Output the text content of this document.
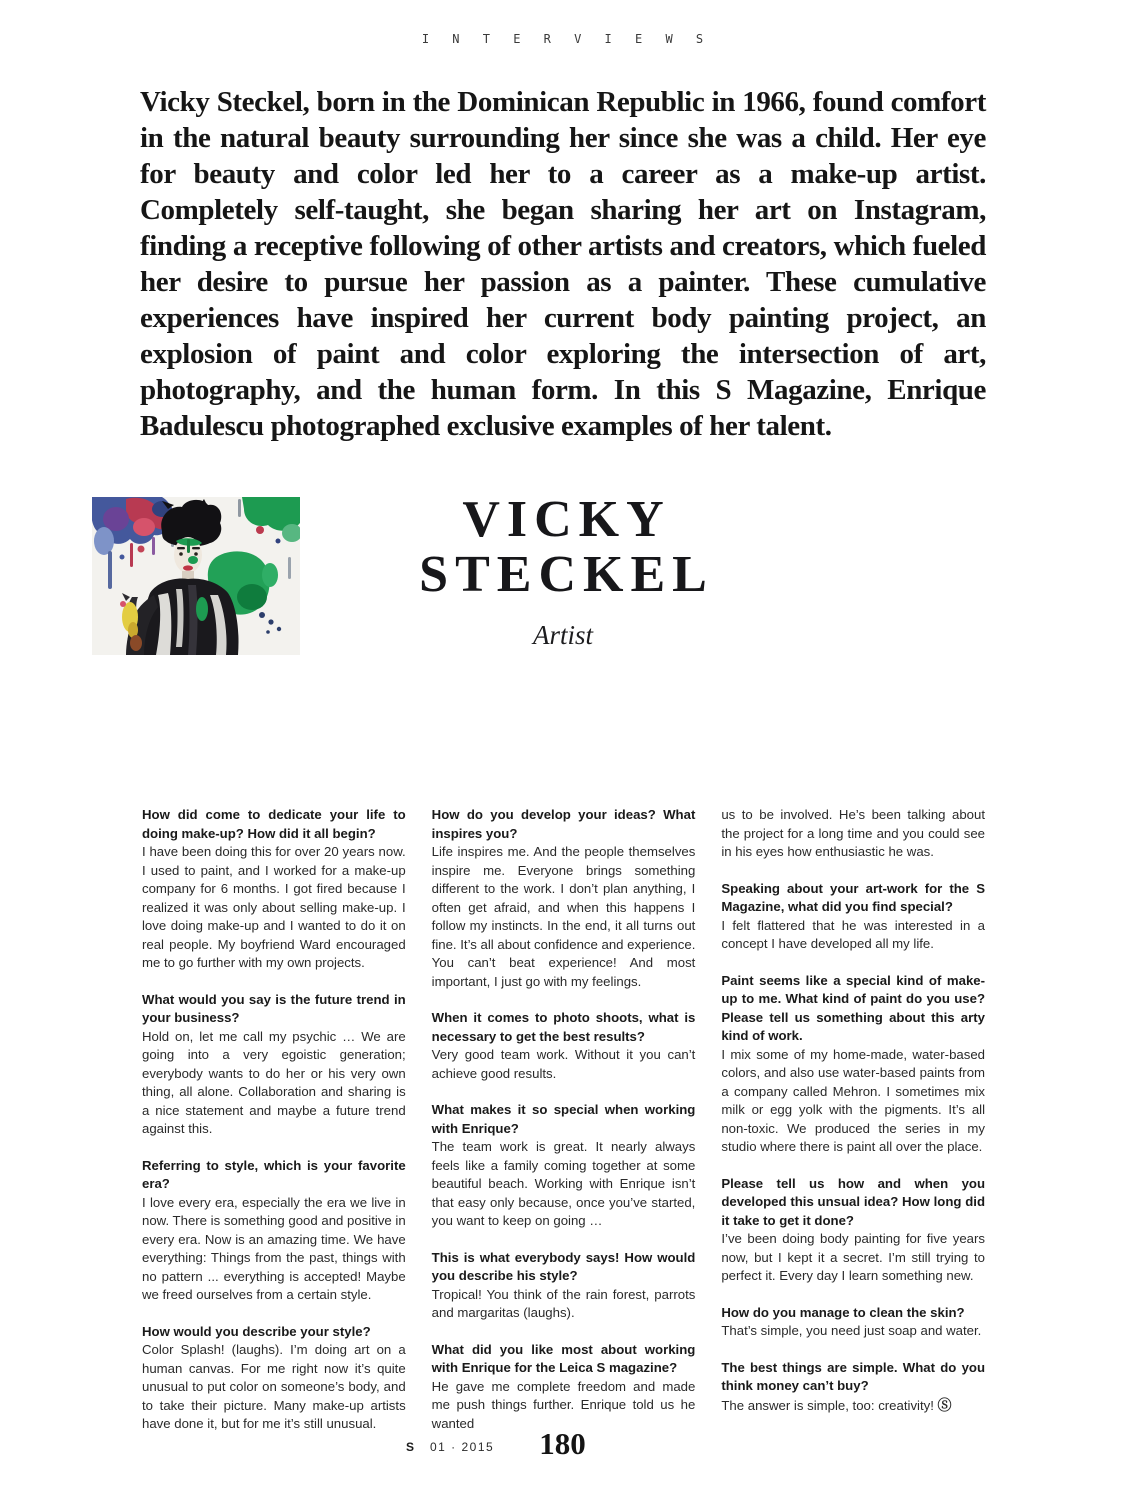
I N T E R V I E W S

Vicky Steckel, born in the Dominican Republic in 1966, found comfort in the natural beauty surrounding her since she was a child. Her eye for beauty and color led her to a career as a make-up artist. Completely self-taught, she began sharing her art on Instagram, finding a receptive following of other artists and creators, which fueled her desire to pursue her passion as a painter. These cumulative experiences have inspired her current body painting project, an explosion of paint and color exploring the intersection of art, photography, and the human form. In this S Magazine, Enrique Badulescu photographed exclusive examples of her talent.

VICKY
STECKEL
Artist
How did come to dedicate your life to doing make-up? How did it all begin?

I have been doing this for over 20 years now. I used to paint, and I worked for a make-up company for 6 months. I got fired because I realized it was only about selling make-up. I love doing make-up and I wanted to do it on real people. My boyfriend Ward encouraged me to go further with my own projects.

What would you say is the future trend in your business?

Hold on, let me call my psychic … We are going into a very egoistic generation; everybody wants to do her or his very own thing, all alone. Collaboration and sharing is a nice statement and maybe a future trend against this.

Referring to style, which is your favorite era?

I love every era, especially the era we live in now. There is something good and positive in every era. Now is an amazing time. We have everything: Things from the past, things with no pattern ... everything is accepted! Maybe we freed ourselves from a certain style.

How would you describe your style?

Color Splash! (laughs). I’m doing art on a human canvas. For me right now it’s quite unusual to put color on someone’s body, and to take their picture. Many make-up artists have done it, but for me it’s still unusual.

How do you develop your ideas? What inspires you?

Life inspires me. And the people themselves inspire me. Everyone brings something different to the work. I don’t plan anything, I often get afraid, and when this happens I follow my instincts. In the end, it all turns out fine. It’s all about confidence and experience. You can’t beat experience! And most important, I just go with my feelings.

When it comes to photo shoots, what is necessary to get the best results?

Very good team work. Without it you can’t achieve good results.

What makes it so special when working with Enrique?

The team work is great. It nearly always feels like a family coming together at some beautiful beach. Working with Enrique isn’t that easy only because, once you’ve started, you want to keep on going …

This is what everybody says! How would you describe his style?

Tropical! You think of the rain forest, parrots and margaritas (laughs).

What did you like most about working with Enrique for the Leica S magazine?

He gave me complete freedom and made me push things further. Enrique told us he wanted

us to be involved. He’s been talking about the project for a long time and you could see in his eyes how enthusiastic he was.

Speaking about your art-work for the S Magazine, what did you find special?

I felt flattered that he was interested in a concept I have developed all my life.

Paint seems like a special kind of make-up to me. What kind of paint do you use? Please tell us something about this arty kind of work.

I mix some of my home-made, water-based colors, and also use water-based paints from a company called Mehron. I sometimes mix milk or egg yolk with the pigments. It’s all non-toxic. We produced the series in my studio where there is paint all over the place.

Please tell us how and when you developed this unsual idea? How long did it take to get it done?

I’ve been doing body painting for five years now, but I kept it a secret. I’m still trying to perfect it. Every day I learn something new.

How do you manage to clean the skin?

That’s simple, you need just soap and water.

The best things are simple. What do you think money can’t buy?

The answer is simple, too: creativity! Ⓢ

S 01 · 2015 180
